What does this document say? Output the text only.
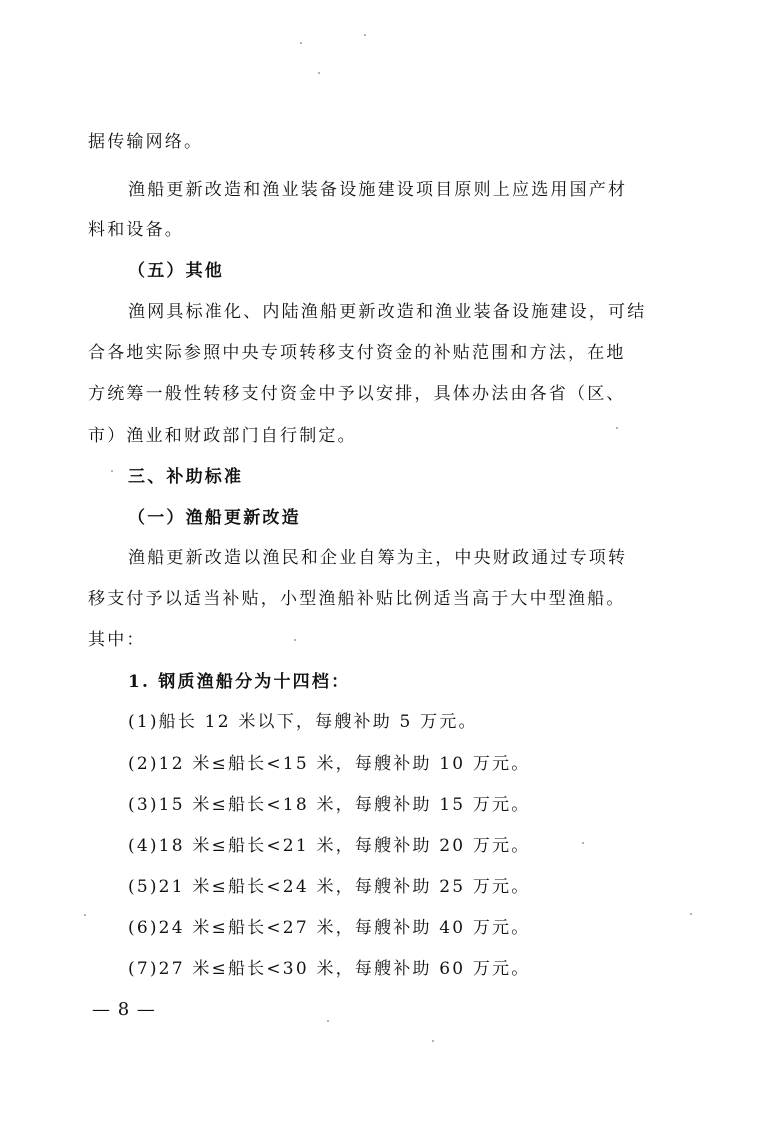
据传输网络。
渔船更新改造和渔业装备设施建设项目原则上应选用国产材
料和设备。
（五）其他
渔网具标准化、内陆渔船更新改造和渔业装备设施建设，可结
合各地实际参照中央专项转移支付资金的补贴范围和方法，在地
方统筹一般性转移支付资金中予以安排，具体办法由各省（区、
市）渔业和财政部门自行制定。
三、补助标准
（一）渔船更新改造
渔船更新改造以渔民和企业自筹为主，中央财政通过专项转
移支付予以适当补贴，小型渔船补贴比例适当高于大中型渔船。
其中：
1. 钢质渔船分为十四档：
(1)船长 12 米以下，每艘补助 5 万元。
(2)12 米≤船长<15 米，每艘补助 10 万元。
(3)15 米≤船长<18 米，每艘补助 15 万元。
(4)18 米≤船长<21 米，每艘补助 20 万元。
(5)21 米≤船长<24 米，每艘补助 25 万元。
(6)24 米≤船长<27 米，每艘补助 40 万元。
(7)27 米≤船长<30 米，每艘补助 60 万元。
— 8 —
